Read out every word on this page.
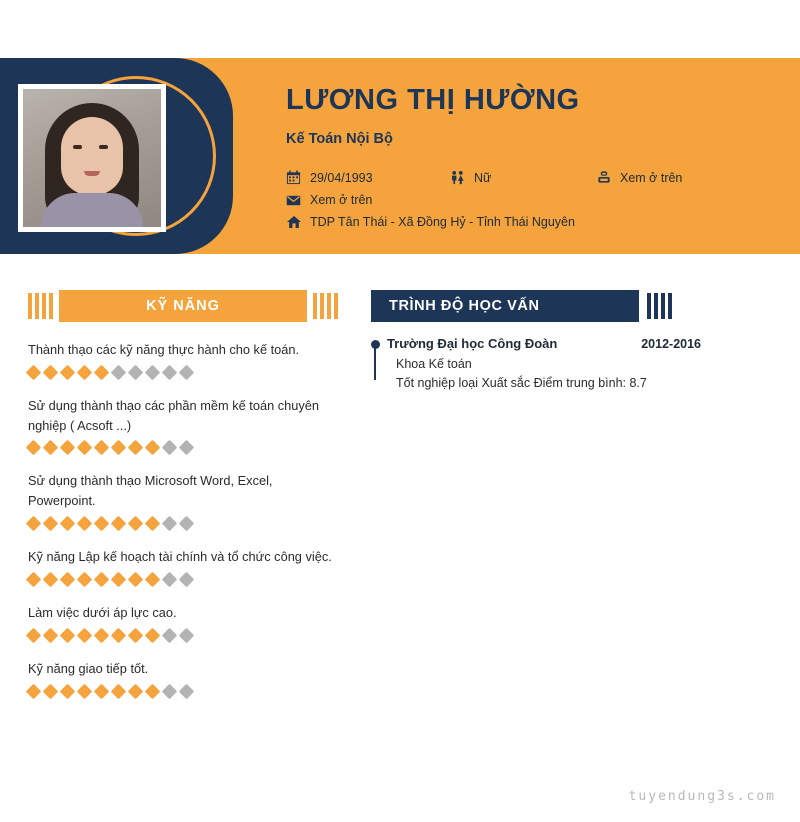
LƯƠNG THỊ HƯỜNG
Kế Toán Nội Bộ
29/04/1993	Nữ	Xem ở trên
Xem ở trên
TDP Tân Thái - Xã Đồng Hỷ - Tỉnh Thái Nguyên
KỸ NĂNG
Thành thạo các kỹ năng thực hành cho kế toán.
Sử dụng thành thạo các phần mềm kế toán chuyên nghiệp ( Acsoft ...)
Sử dụng thành thạo Microsoft Word, Excel, Powerpoint.
Kỹ năng Lập kế hoạch tài chính và tổ chức công việc.
Làm việc dưới áp lực cao.
Kỹ năng giao tiếp tốt.
TRÌNH ĐỘ HỌC VẤN
Trường Đại học Công Đoàn	2012-2016
Khoa Kế toán
Tốt nghiệp loại Xuất sắc Điểm trung bình: 8.7
tuyendung3s.com
